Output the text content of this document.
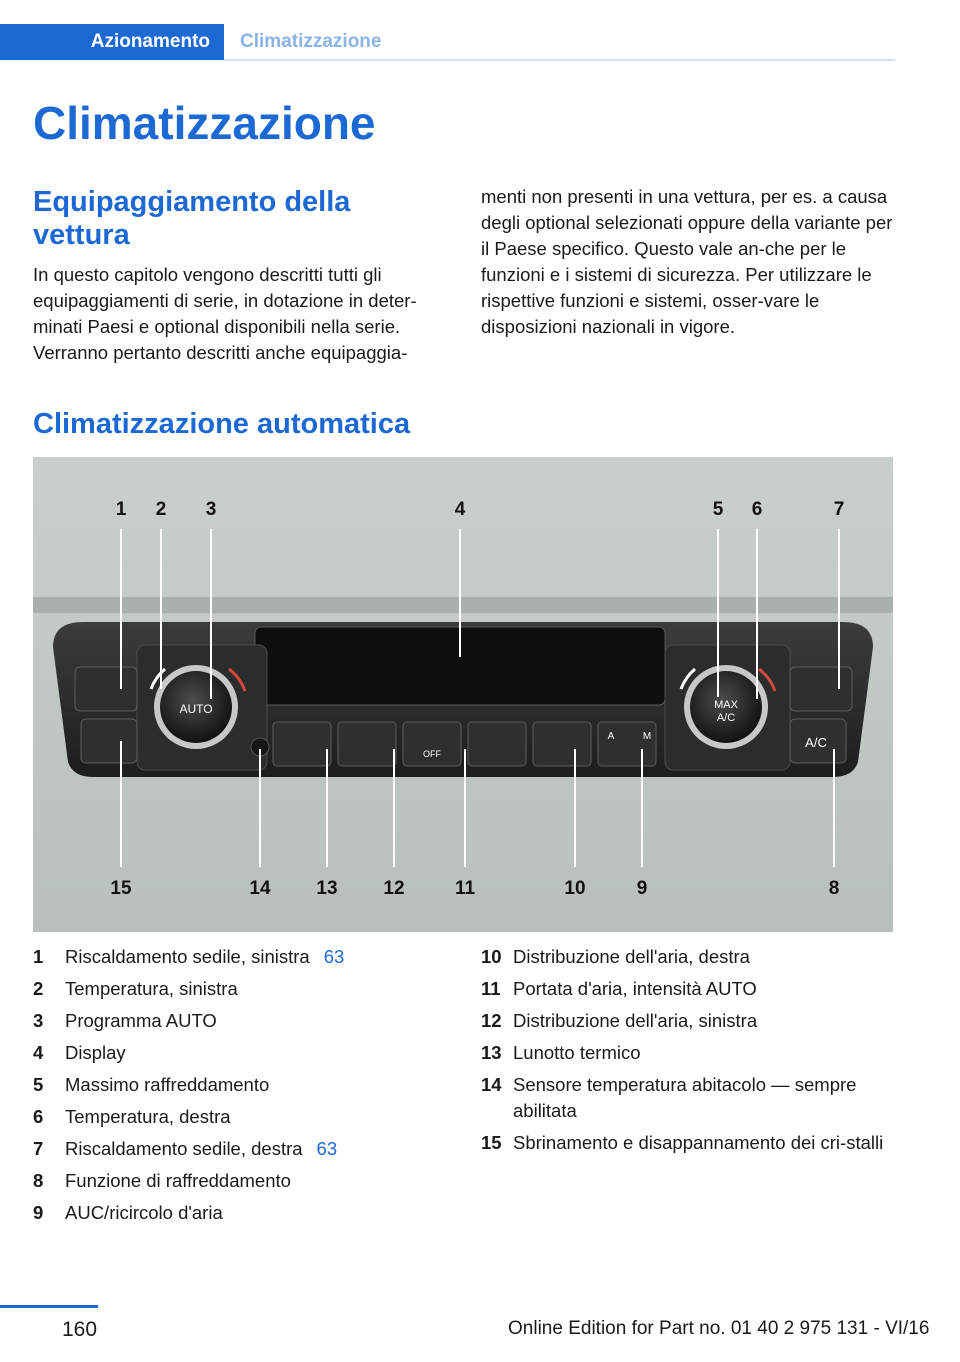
Azionamento	Climatizzazione
Climatizzazione
Equipaggiamento della vettura

In questo capitolo vengono descritti tutti gli equipaggiamenti di serie, in dotazione in deter‐minati Paesi e optional disponibili nella serie. Verranno pertanto descritti anche equipaggia‐

menti non presenti in una vettura, per es. a causa degli optional selezionati oppure della variante per il Paese specifico. Questo vale an‐che per le funzioni e i sistemi di sicurezza. Per utilizzare le rispettive funzioni e sistemi, osser‐vare le disposizioni nazionali in vigore.

Climatizzazione automatica
AUTO	MAX
A/C
A/C
OFF
A	M
1 2 3	4	5 6	7
15	14 13 12	11	10	9	8
1 Riscaldamento sedile, sinistra 63
2 Temperatura, sinistra
3 Programma AUTO
4 Display
5 Massimo raffreddamento
6 Temperatura, destra
7 Riscaldamento sedile, destra 63
8 Funzione di raffreddamento
9 AUC/ricircolo d'aria
10 Distribuzione dell'aria, destra
11 Portata d'aria, intensità AUTO
12 Distribuzione dell'aria, sinistra
13 Lunotto termico
14 Sensore temperatura abitacolo — sempre abilitata
15 Sbrinamento e disappannamento dei cri‐stalli
160	Online Edition for Part no. 01 40 2 975 131 - VI/16
